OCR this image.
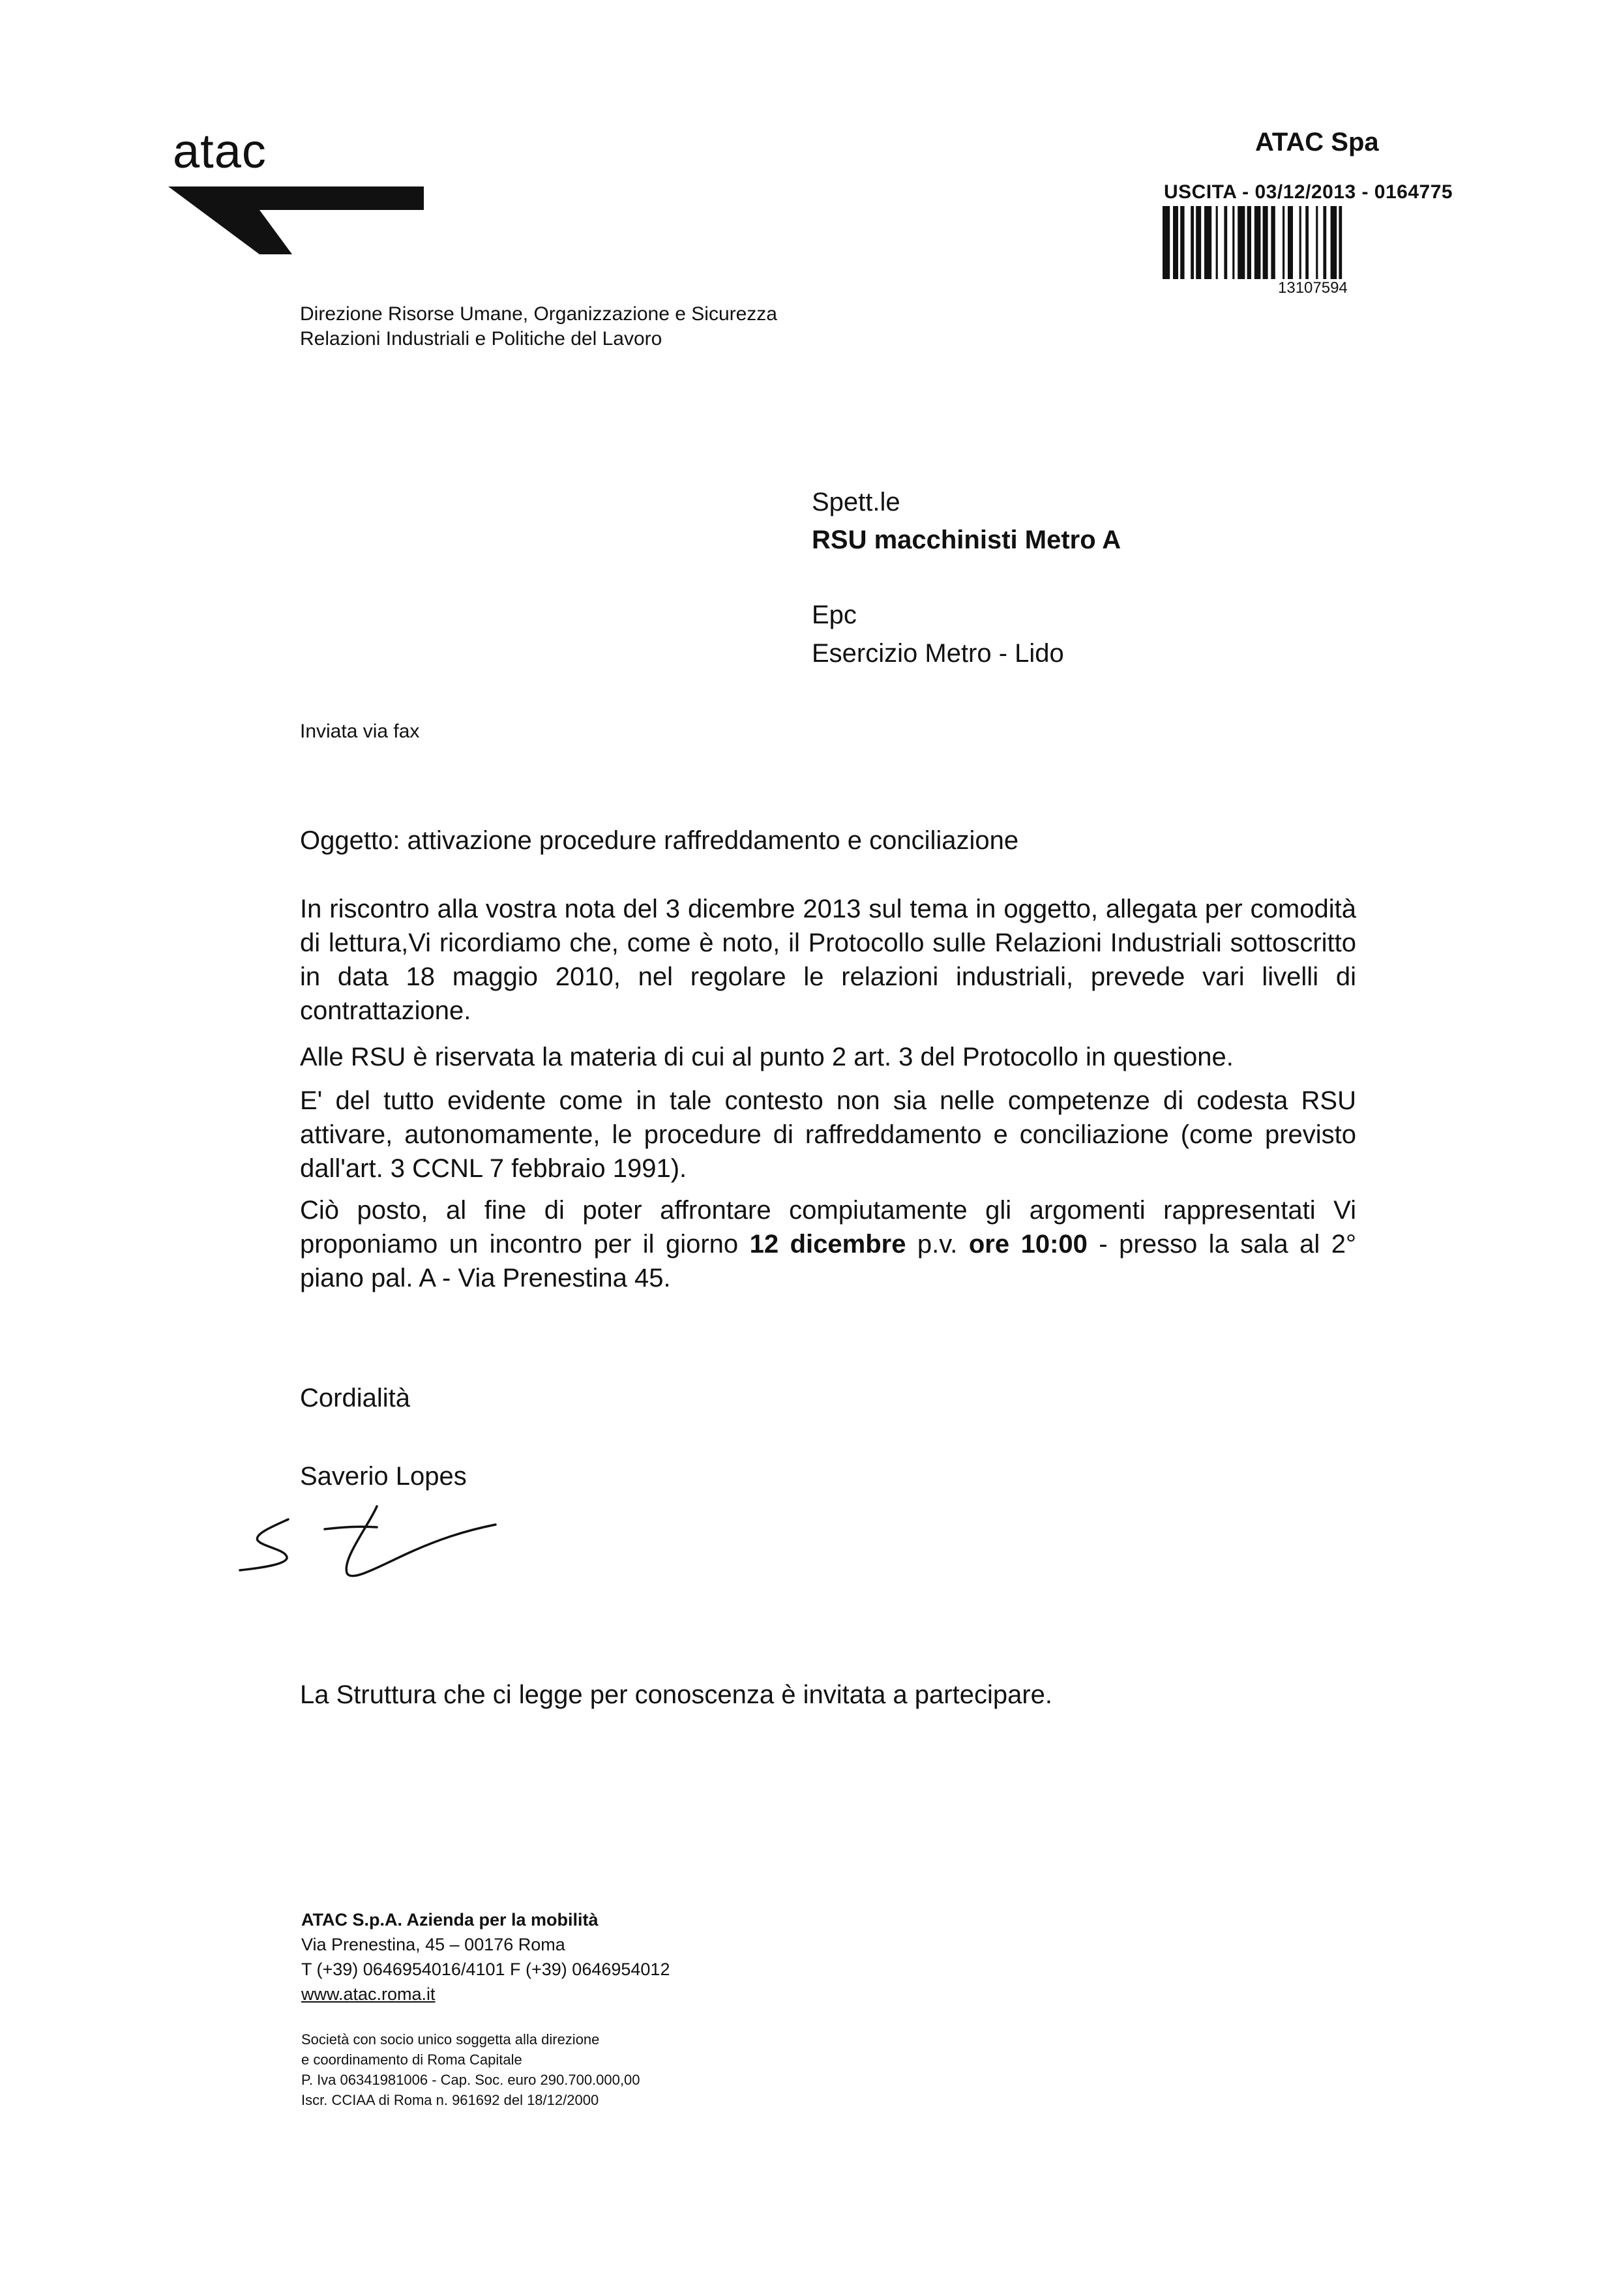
atac	ATAC Spa
USCITA - 03/12/2013 - 0164775
13107594
Direzione Risorse Umane, Organizzazione e Sicurezza
Relazioni Industriali e Politiche del Lavoro
Spett.le
RSU macchinisti Metro A
Epc
Esercizio Metro - Lido
Inviata via fax
Oggetto: attivazione procedure raffreddamento e conciliazione

In riscontro alla vostra nota del 3 dicembre 2013 sul tema in oggetto, allegata per comodità di lettura,Vi ricordiamo che, come è noto, il Protocollo sulle Relazioni Industriali sottoscritto in data 18 maggio 2010, nel regolare le relazioni industriali, prevede vari livelli di contrattazione.

Alle RSU è riservata la materia di cui al punto 2 art. 3 del Protocollo in questione.

E' del tutto evidente come in tale contesto non sia nelle competenze di codesta RSU attivare, autonomamente, le procedure di raffreddamento e conciliazione (come previsto dall'art. 3 CCNL 7 febbraio 1991).

Ciò posto, al fine di poter affrontare compiutamente gli argomenti rappresentati Vi proponiamo un incontro per il giorno 12 dicembre p.v. ore 10:00 - presso la sala al 2° piano pal. A - Via Prenestina 45.

Cordialità
Saverio Lopes
La Struttura che ci legge per conoscenza è invitata a partecipare.
ATAC S.p.A. Azienda per la mobilità
Via Prenestina, 45 – 00176 Roma
T (+39) 0646954016/4101 F (+39) 0646954012
www.atac.roma.it
Società con socio unico soggetta alla direzione
e coordinamento di Roma Capitale
P. Iva 06341981006 - Cap. Soc. euro 290.700.000,00
Iscr. CCIAA di Roma n. 961692 del 18/12/2000
